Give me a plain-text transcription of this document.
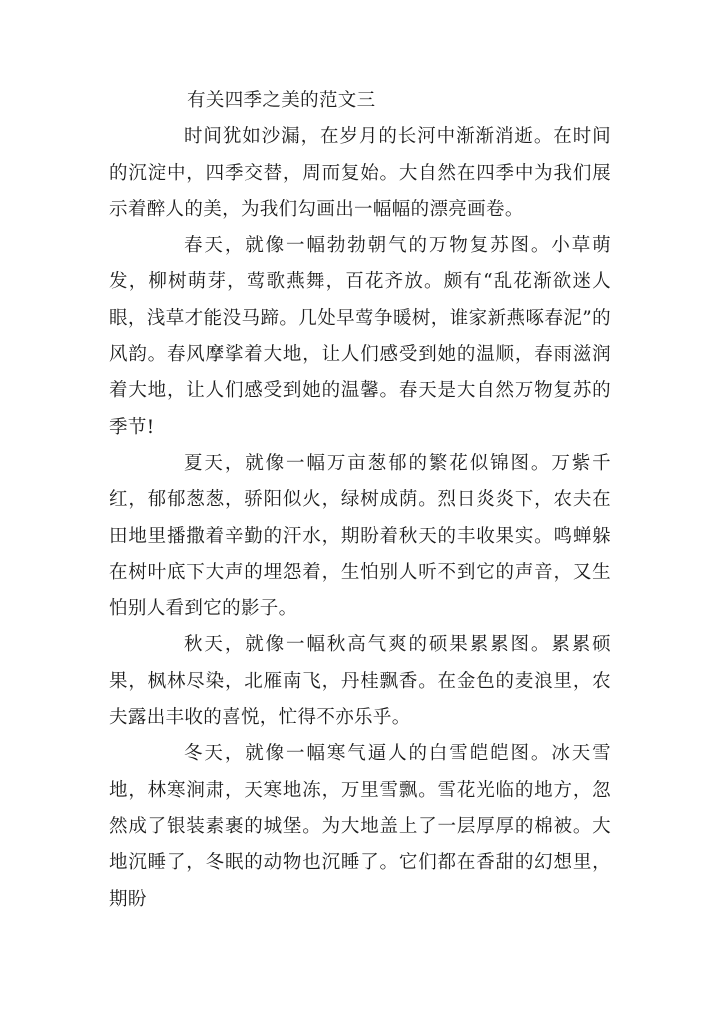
有关四季之美的范文三

时间犹如沙漏，在岁月的长河中渐渐消逝。在时间的沉淀中，四季交替，周而复始。大自然在四季中为我们展示着醉人的美，为我们勾画出一幅幅的漂亮画卷。

春天，就像一幅勃勃朝气的万物复苏图。小草萌发，柳树萌芽，莺歌燕舞，百花齐放。颇有“乱花渐欲迷人眼，浅草才能没马蹄。几处早莺争暖树，谁家新燕啄春泥”的风韵。春风摩挲着大地，让人们感受到她的温顺，春雨滋润着大地，让人们感受到她的温馨。春天是大自然万物复苏的季节!

夏天，就像一幅万亩葱郁的繁花似锦图。万紫千红，郁郁葱葱，骄阳似火，绿树成荫。烈日炎炎下，农夫在田地里播撒着辛勤的汗水，期盼着秋天的丰收果实。鸣蝉躲在树叶底下大声的埋怨着，生怕别人听不到它的声音，又生怕别人看到它的影子。

秋天，就像一幅秋高气爽的硕果累累图。累累硕果，枫林尽染，北雁南飞，丹桂飘香。在金色的麦浪里，农夫露出丰收的喜悦，忙得不亦乐乎。

冬天，就像一幅寒气逼人的白雪皑皑图。冰天雪地，林寒涧肃，天寒地冻，万里雪飘。雪花光临的地方，忽然成了银装素裹的城堡。为大地盖上了一层厚厚的棉被。大地沉睡了，冬眠的动物也沉睡了。它们都在香甜的幻想里，期盼
